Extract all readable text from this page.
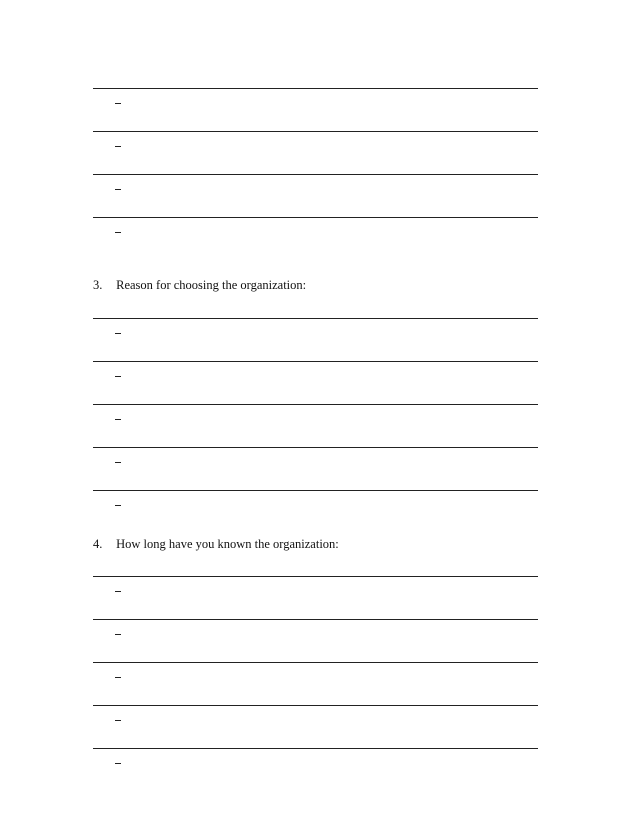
3. Reason for choosing the organization:
4. How long have you known the organization:
